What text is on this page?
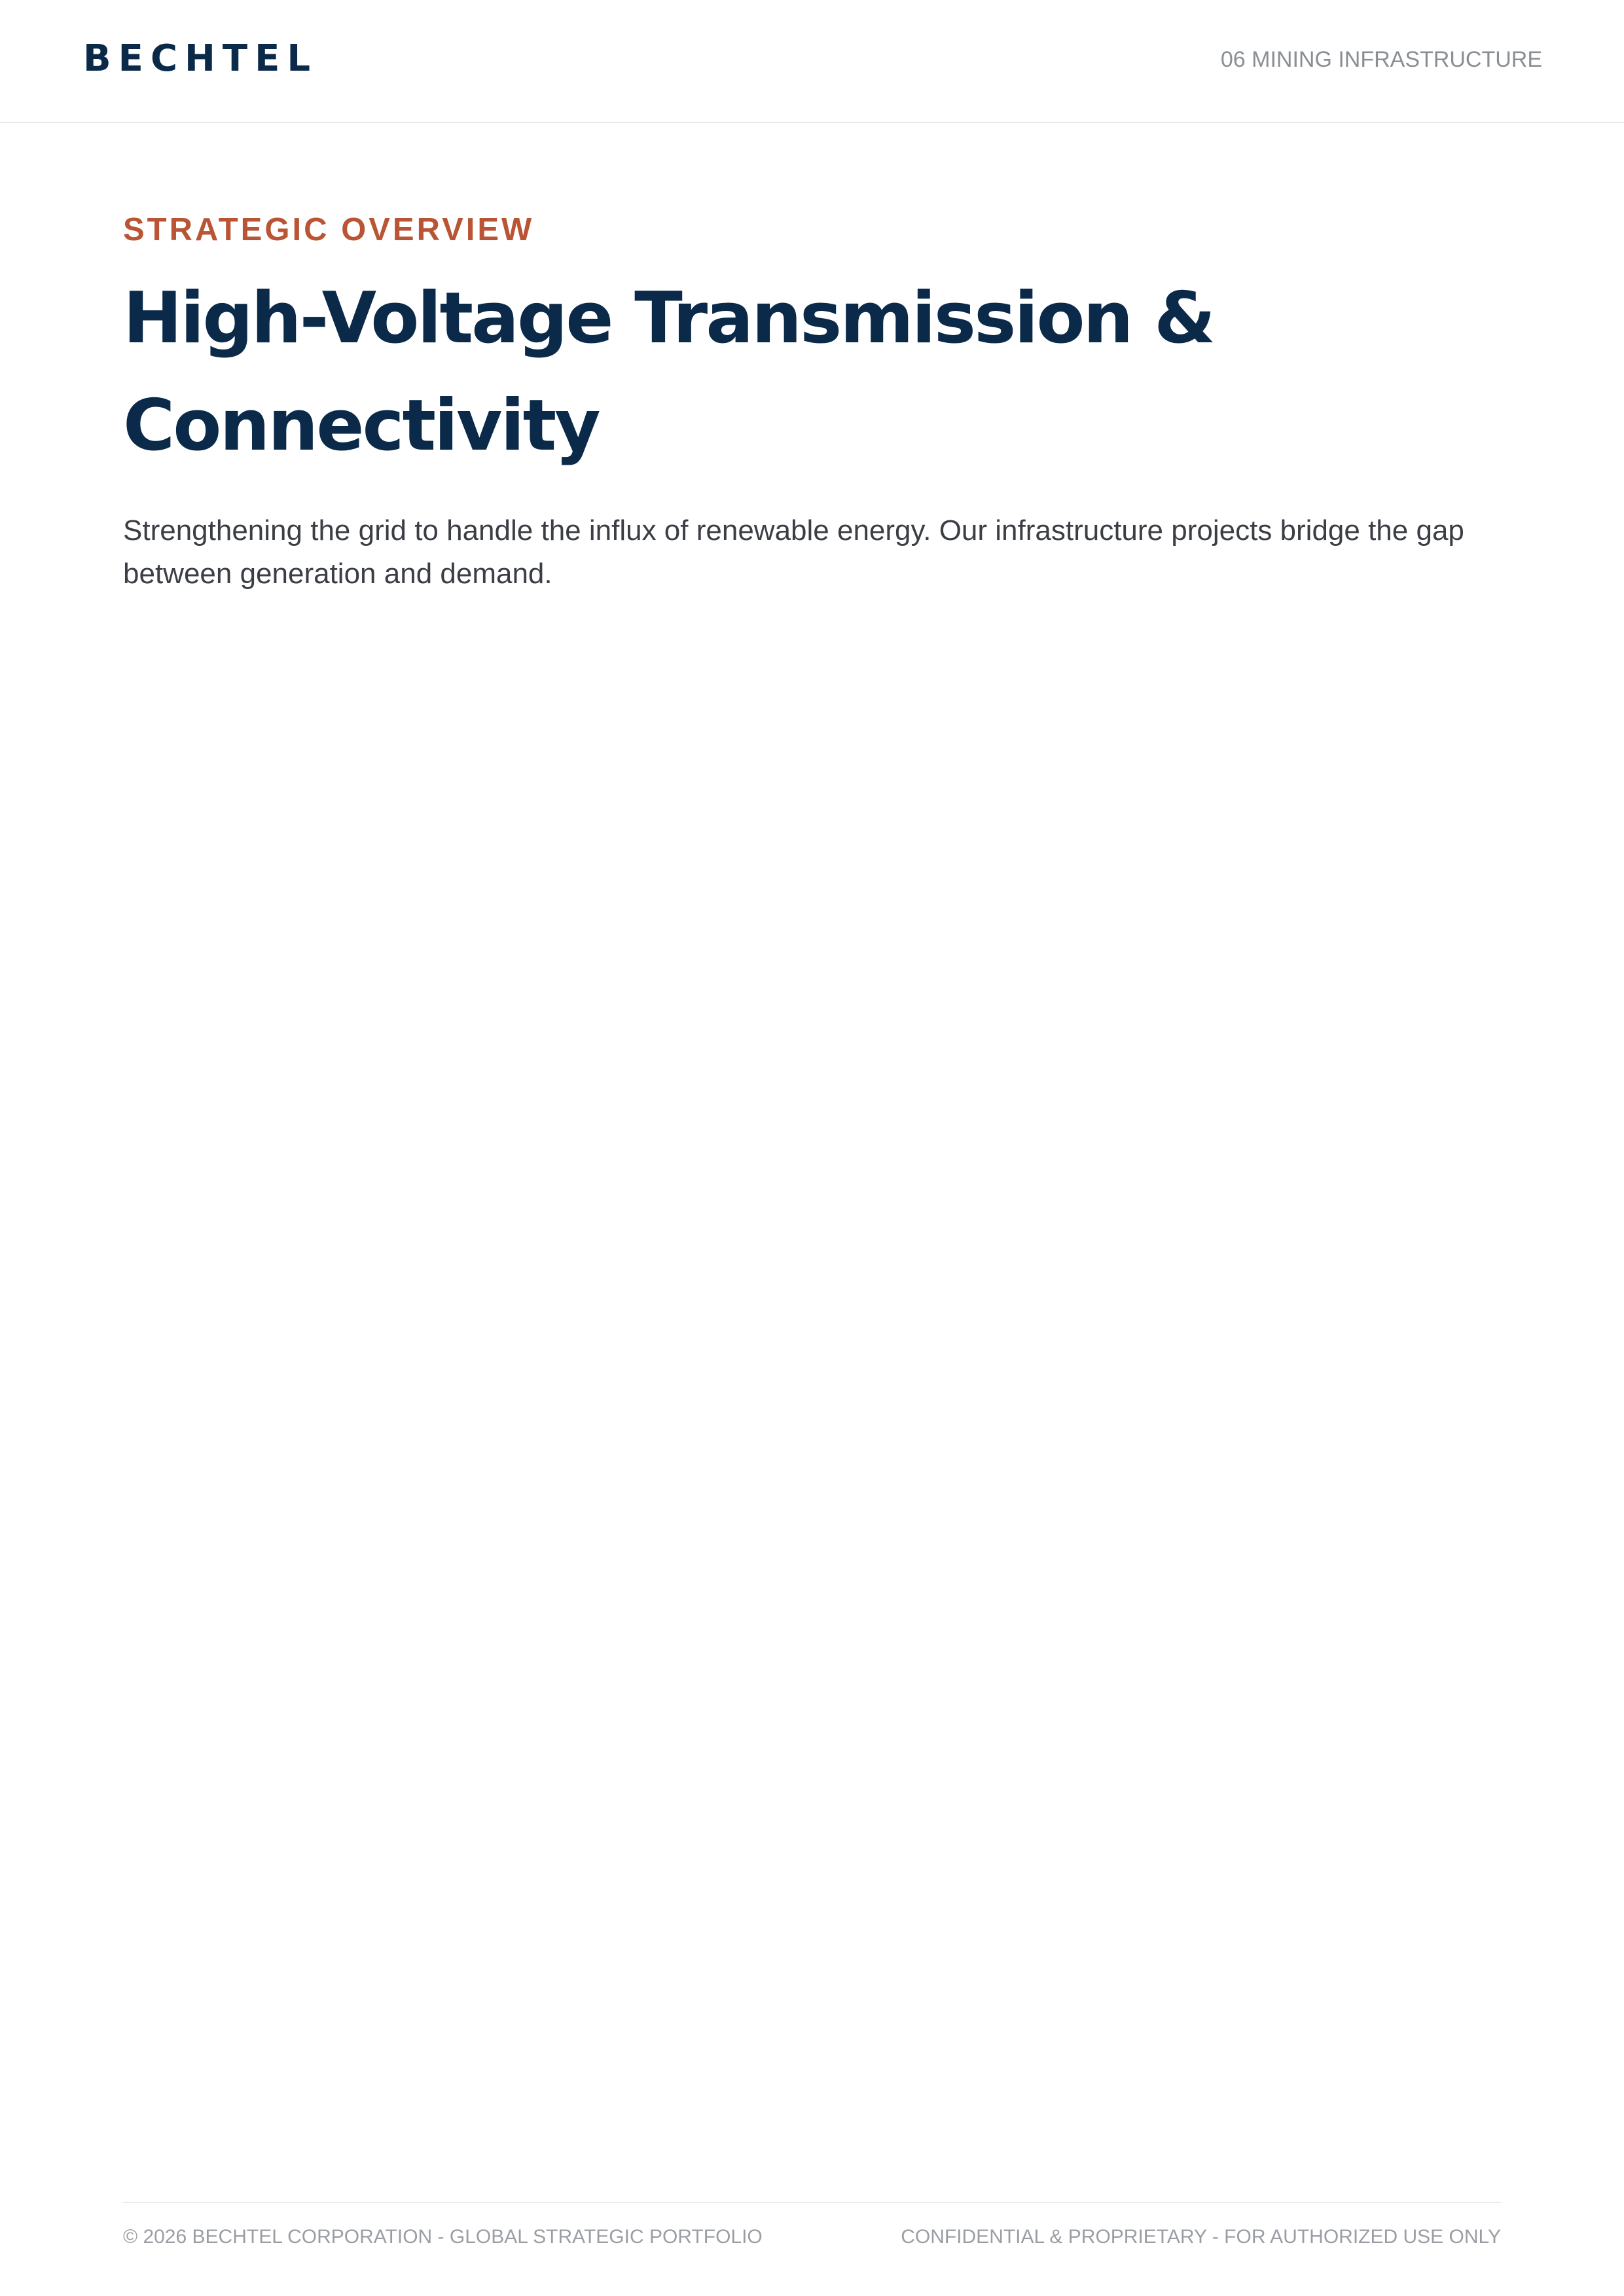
BECHTEL	06 MINING INFRASTRUCTURE
STRATEGIC OVERVIEW
High-Voltage Transmission &
Connectivity

Strengthening the grid to handle the influx of renewable energy. Our infrastructure projects bridge the gap between generation and demand.

© 2026 BECHTEL CORPORATION - GLOBAL STRATEGIC PORTFOLIO	CONFIDENTIAL & PROPRIETARY - FOR AUTHORIZED USE ONLY
